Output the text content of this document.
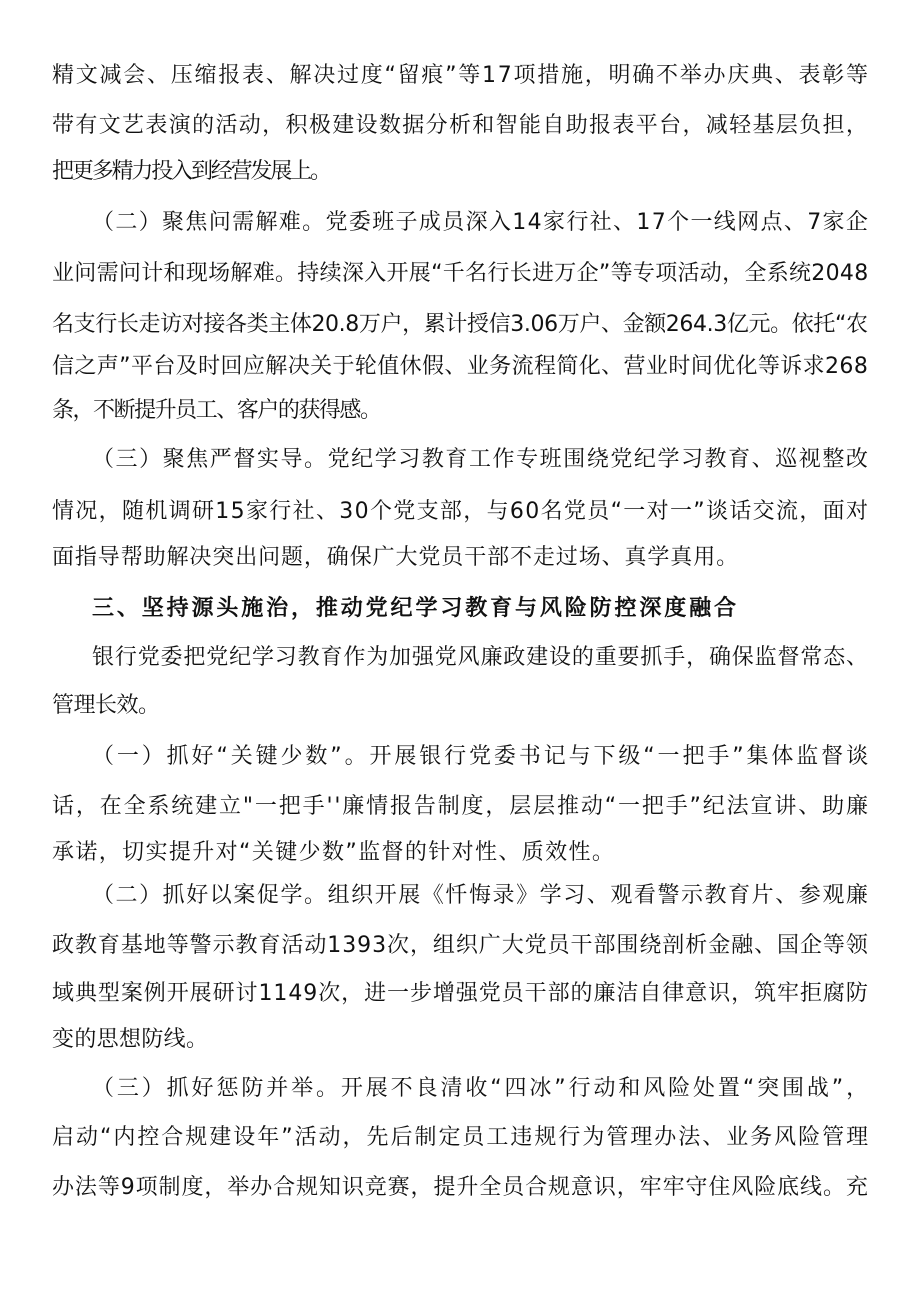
精文减会、压缩报表、解决过度“留痕”等17项措施，明确不举办庆典、表彰等
带有文艺表演的活动，积极建设数据分析和智能自助报表平台，减轻基层负担，
把更多精力投入到经营发展上。
（二）聚焦问需解难。党委班子成员深入14家行社、17个一线网点、7家企
业问需问计和现场解难。持续深入开展“千名行长进万企”等专项活动，全系统2048
名支行长走访对接各类主体20.8万户，累计授信3.06万户、金额264.3亿元。依托“农
信之声”平台及时回应解决关于轮值休假、业务流程简化、营业时间优化等诉求268
条，不断提升员工、客户的获得感。
（三）聚焦严督实导。党纪学习教育工作专班围绕党纪学习教育、巡视整改
情况，随机调研15家行社、30个党支部，与60名党员“一对一”谈话交流，面对
面指导帮助解决突出问题，确保广大党员干部不走过场、真学真用。
三、坚持源头施治，推动党纪学习教育与风险防控深度融合
银行党委把党纪学习教育作为加强党风廉政建设的重要抓手，确保监督常态、
管理长效。
（一）抓好“关键少数”。开展银行党委书记与下级“一把手”集体监督谈
话，在全系统建立"一把手''廉情报告制度，层层推动“一把手”纪法宣讲、助廉
承诺，切实提升对“关键少数”监督的针对性、质效性。
（二）抓好以案促学。组织开展《忏悔录》学习、观看警示教育片、参观廉
政教育基地等警示教育活动1393次，组织广大党员干部围绕剖析金融、国企等领
域典型案例开展研讨1149次，进一步增强党员干部的廉洁自律意识，筑牢拒腐防
变的思想防线。
（三）抓好惩防并举。开展不良清收“四冰”行动和风险处置“突围战”，
启动“内控合规建设年”活动，先后制定员工违规行为管理办法、业务风险管理
办法等9项制度，举办合规知识竞赛，提升全员合规意识，牢牢守住风险底线。充
